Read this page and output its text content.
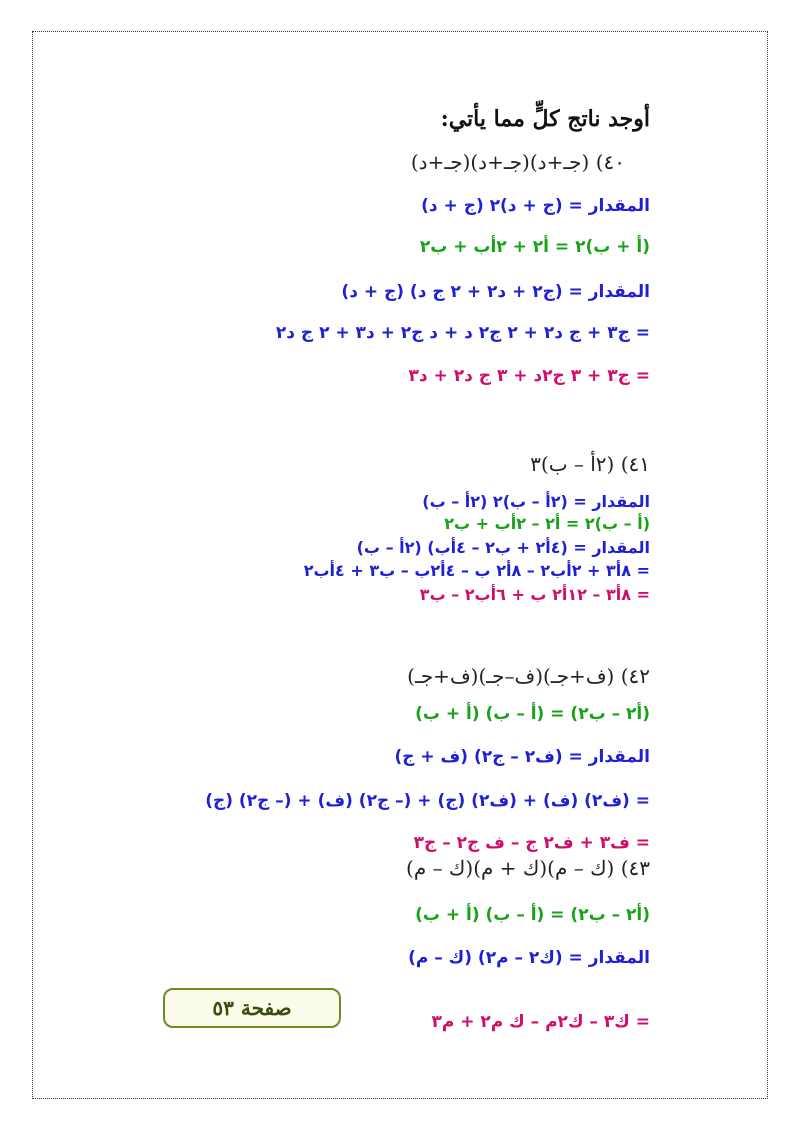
أوجد ناتج كلٍّ مما يأتي:
٤٠) (جـ+د)(جـ+د)(جـ+د)
المقدار = (ج + د)٢ (ج + د)
(أ + ب)٢ = أ٢ + ٢أب + ب٢
المقدار = (ج٢ + د٢ + ٢ ج د) (ج + د)
= ج٣ + ج د٢ + ٢ ج٢ د + د ج٢ + د٣ + ٢ ج د٢
= ج٣ + ٣ ج٢د + ٣ ج د٢ + د٣
٤١) (٢أ – ب)٣
المقدار = (٢أ – ب)٢ (٢أ – ب)
(أ – ب)٢ = أ٢ – ٢أب + ب٢
المقدار = (٤أ٢ + ب٢ – ٤أب) (٢أ – ب)
= ٨أ٣ + ٢أب٢ – ٨أ٢ ب – ٤أ٢ب – ب٣ + ٤أب٢
= ٨أ٣ – ١٢أ٢ ب + ٦أب٢ – ب٣
٤٢) (ف+جـ)(ف–جـ)(ف+جـ)
(أ٢ – ب٢) = (أ – ب) (أ + ب)
المقدار = (ف٢ – ج٢) (ف + ج)
= (ف٢) (ف) + (ف٢) (ج) + (– ج٢) (ف) + (– ج٢) (ج)
= ف٣ + ف٢ ج – ف ج٢ – ج٣
٤٣) (ك – م)(ك + م)(ك – م)
(أ٢ – ب٢) = (أ – ب) (أ + ب)
المقدار = (ك٢ – م٢) (ك – م)
= ك٣ – ك٢م – ك م٢ + م٣
صفحة ٥٣
